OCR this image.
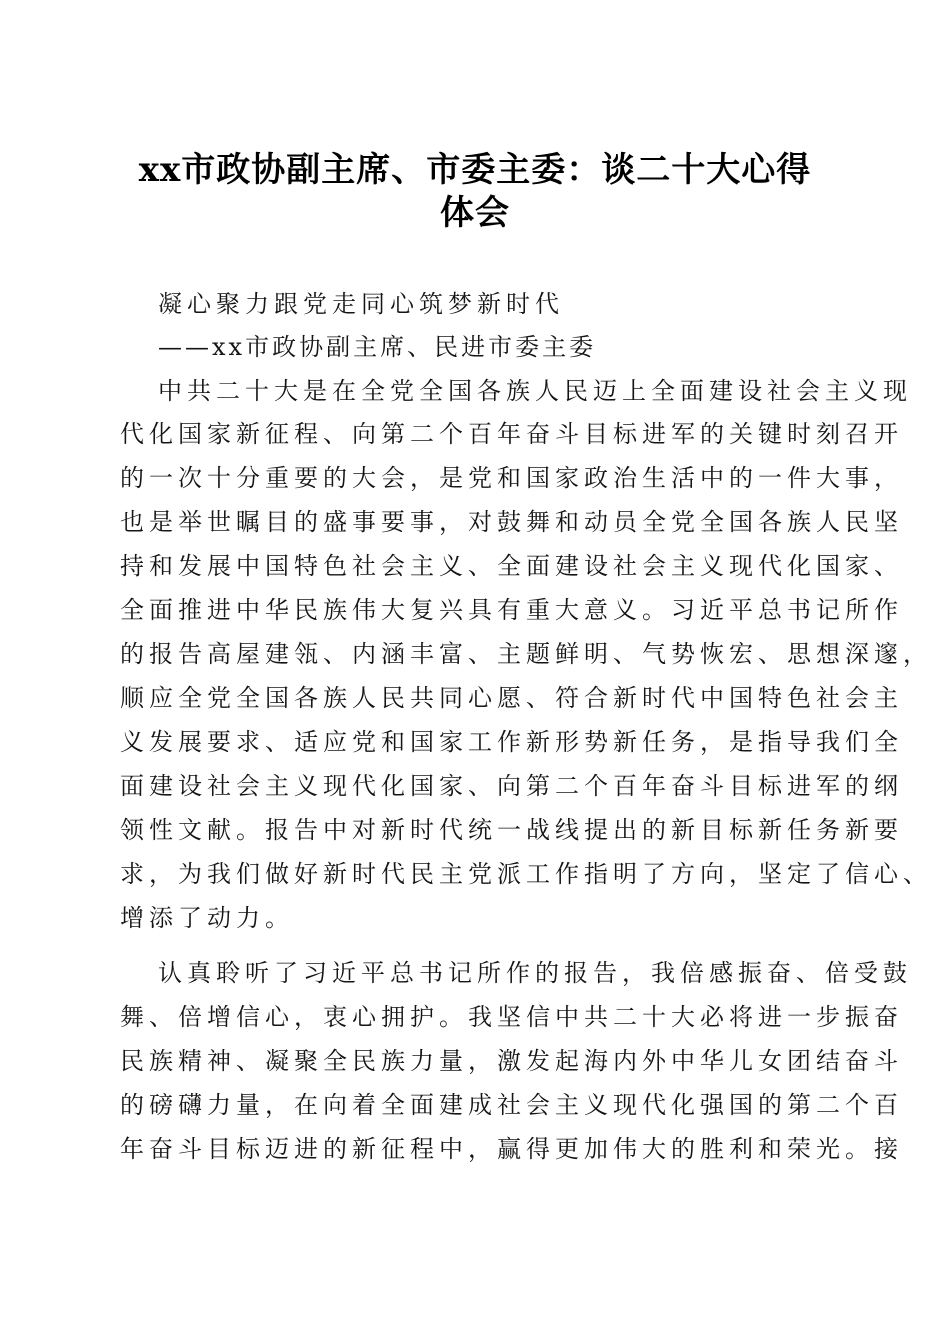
xx市政协副主席、市委主委：谈二十大心得
体会
凝心聚力跟党走同心筑梦新时代
——xx市政协副主席、民进市委主委
中共二十大是在全党全国各族人民迈上全面建设社会主义现
代化国家新征程、向第二个百年奋斗目标进军的关键时刻召开
的一次十分重要的大会，是党和国家政治生活中的一件大事，
也是举世瞩目的盛事要事，对鼓舞和动员全党全国各族人民坚
持和发展中国特色社会主义、全面建设社会主义现代化国家、
全面推进中华民族伟大复兴具有重大意义。习近平总书记所作
的报告高屋建瓴、内涵丰富、主题鲜明、气势恢宏、思想深邃，
顺应全党全国各族人民共同心愿、符合新时代中国特色社会主
义发展要求、适应党和国家工作新形势新任务，是指导我们全
面建设社会主义现代化国家、向第二个百年奋斗目标进军的纲
领性文献。报告中对新时代统一战线提出的新目标新任务新要
求，为我们做好新时代民主党派工作指明了方向，坚定了信心、
增添了动力。
认真聆听了习近平总书记所作的报告，我倍感振奋、倍受鼓
舞、倍增信心，衷心拥护。我坚信中共二十大必将进一步振奋
民族精神、凝聚全民族力量，激发起海内外中华儿女团结奋斗
的磅礴力量，在向着全面建成社会主义现代化强国的第二个百
年奋斗目标迈进的新征程中，赢得更加伟大的胜利和荣光。接
